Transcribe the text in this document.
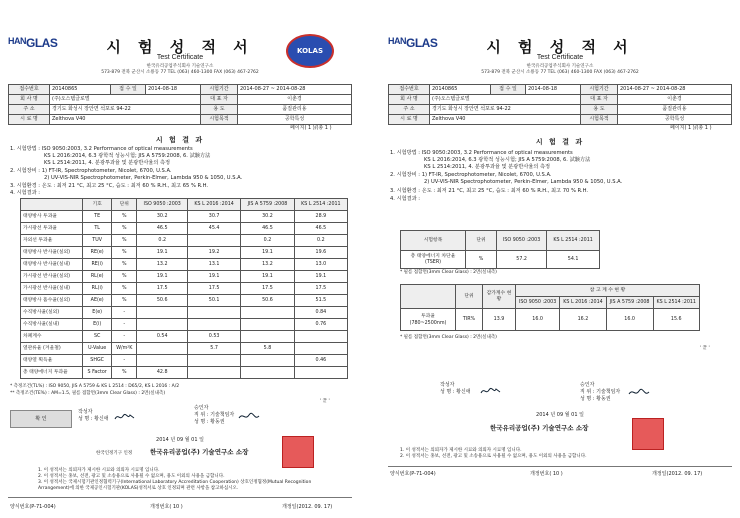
$^{HAN}$GLAS	시 험 성 적 서
Test Certificate
한국유리공업주식회사 기술연구소
573-879 전북 군산시 소룡동 77 TEL (063) 460-1300 FAX (063) 467-2762
KOLAS
접수번호	20140865	접 수 일	2014-08-18	시험기간	2014-08-27 ~ 2014-08-28
회 사 명	(주)오스템글로벌			대 표 자	이춘경
주 소	경기도 화성시 장안면 석포로 94-22			용 도	품질관리용
시 료 명	Zelthova V40			시험목적	공학특성
페이지( 1 )/(총 1 )
시 험 결 과
1. 시험방법 : ISO 9050:2003, 3.2 Performance of optical measurements
KS L 2016:2014, 6.3 광학적 성능시험; JIS A 5759:2008, 6. 試験方法
KS L 2514:2011, 4. 분광투과율 및 분광반사율의 측정
2. 시험장비 : 1) FT-IR, Spectrophotometer, Nicolet, 6700, U.S.A.
2) UV-VIS-NIR Spectrophotometer, Perkin-Elmer, Lambda 950 & 1050, U.S.A.
3. 시험환경 : 온도 : 최저 21 °C, 최고 25 °C, 습도 : 최저 60 % R.H., 최고 65 % R.H.
4. 시험결과 :
	기호	단위	ISO 9050 :2003	KS L 2016 :2014	JIS A 5759 :2008	KS L 2514 :2011
태양방사 투과율	TE	%	30.2	30.7	30.2	28.9
가시광선 투과율	TL	%	46.5	45.4	46.5	46.5
자외선 투과율	TUV	%	0.2		0.2	0.2
태양방사 반사율(실외)	RE(e)	%	19.1	19.2	19.1	19.6
태양방사 반사율(실내)	RE(i)	%	13.2	13.1	13.2	13.0
가시광선 반사율(실외)	RL(e)	%	19.1	19.1	19.1	19.1
가시광선 반사율(실내)	RL(i)	%	17.5	17.5	17.5	17.5
태양방사 흡수율(실외)	AE(e)	%	50.6	50.1	50.6	51.5
수직방사율(실외)	E(e)	-				0.84
수직방사율(실내)	E(i)	-				0.76
차폐계수	SC	-	0.54	0.53		
열관류율 (겨울철)	U-Value	W/m²K		5.7	5.8	
태양열 획득율	SHGC	-				0.46
총 태양에너지 투과율	S Factor	%	42.8			
* 측정조건(TL%) : ISO 9050, JIS A 5759 & KS L 2514 : D65/2, KS L 2016 : A/2
** 측정조건(TE%) : AM=1.5, 필름 접합면(3mm Clear Glass) : 2면(실내측)
' 끝 '
확 인
작성자
성 명 : 황신애
승인자
직 위 : 기술책임자
성 명 : 황동권
2014 년 09 월 01 일
한국인정기구 인정	한국유리공업(주) 기술연구소 소장
1. 이 성적서는 의뢰자가 제시한 시료와 의뢰자 시료명 입니다.
2. 이 성적서는 홍보, 선전, 광고 및 소송용으로 사용될 수 없으며, 용도 이외의 사용을 금합니다.
3. 이 성적서는 국제시험기관인정협력기구(International Laboratory Accreditation Cooperation) 상호인정협정(Mutual Recognition
Arrangement)에 의한 국제공인시험기관(KOLAS)성적서로 상호 인정되며 관련 사항을 참고하십시오.
양식번호(P-71-004)	개정번호( 10 )	개정일(2012. 09. 17)
$^{HAN}$GLAS	시 험 성 적 서
Test Certificate
한국유리공업주식회사 기술연구소
573-879 전북 군산시 소룡동 77 TEL (063) 460-1300 FAX (063) 467-2762
접수번호	20140865	접 수 일	2014-08-18	시험기간	2014-08-27 ~ 2014-08-28
회 사 명	(주)오스템글로벌			대 표 자	이춘경
주 소	경기도 화성시 장안면 석포로 94-22			용 도	품질관리용
시 료 명	Zelthova V40			시험목적	공학특성
페이지( 1 )/(총 1 )
시 험 결 과
1. 시험방법 : ISO 9050:2003, 3.2 Performance of optical measurements
KS L 2016:2014, 6.3 광학적 성능시험; JIS A 5759:2008, 6. 試験方法
KS L 2514:2011, 4. 분광투과율 및 분광반사율의 측정
2. 시험장비 : 1) FT-IR, Spectrophotometer, Nicolet, 6700, U.S.A.
2) UV-VIS-NIR Spectrophotometer, Perkin-Elmer, Lambda 950 & 1050, U.S.A.
3. 시험환경 : 온도 : 최저 21 °C, 최고 25 °C, 습도 : 최저 60 % R.H., 최고 70 % R.H.
4. 시험결과 :
시험항목	단위	ISO 9050 :2003	KS L 2514 :2011
총 태양에너지 차단율 (TSER)	%	57.2	54.1
* 필름 접합면(3mm Clear Glass) : 2면(실내측)
	단위	감가계수 현황	참 고 계 수 현 황			
			ISO 9050 :2003	KS L 2016 :2014	JIS A 5759 :2008	KS L 2514 :2011

투과율
(780~2500nm)	TIR%	13.9	16.0	16.2	16.0	15.6
* 필름 접합면(3mm Clear Glass) : 2면(실내측)
' 끝 '
작성자
성 명 : 황신애
승인자
직 위 : 기술책임자
성 명 : 황동권
2014 년 09 월 01 일
한국유리공업(주) 기술연구소 소장
1. 이 성적서는 의뢰자가 제시한 시료와 의뢰자 시료명 입니다.
2. 이 성적서는 홍보, 선전, 광고 및 소송용으로 사용될 수 없으며, 용도 이외의 사용을 금합니다.
양식번호(P-71-004)	개정번호( 10 )	개정일(2012. 09. 17)
